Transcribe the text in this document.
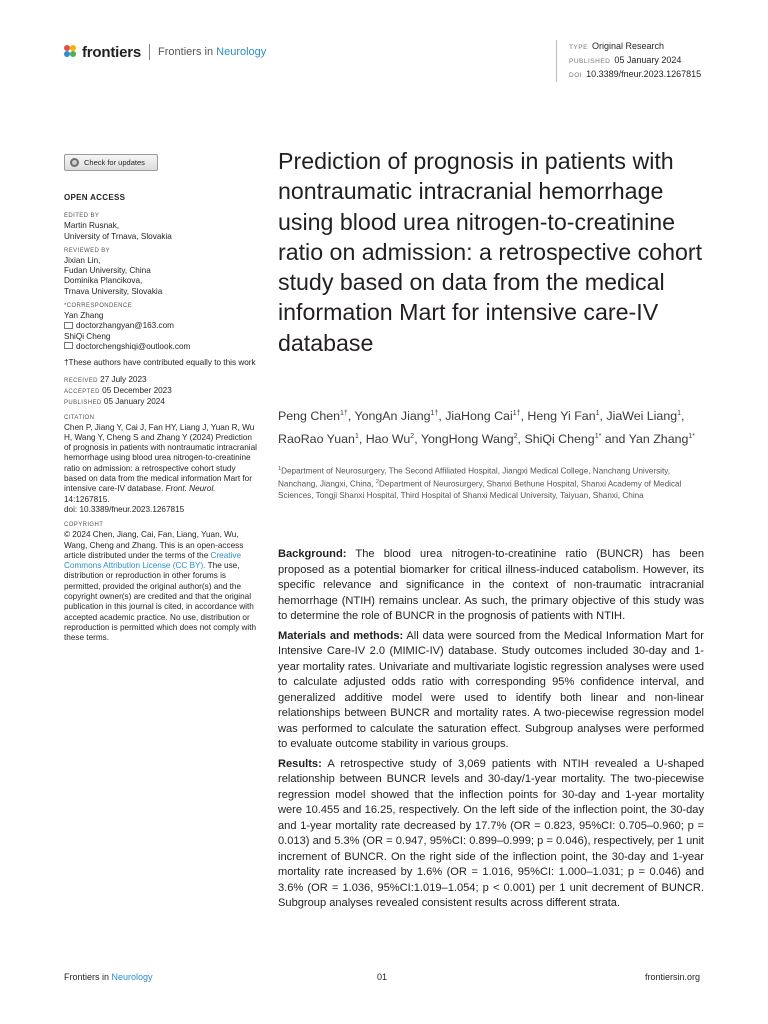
frontiers Frontiers in Neurology	TYPE Original Research
PUBLISHED 05 January 2024
DOI 10.3389/fneur.2023.1267815
Check for updates
OPEN ACCESS
EDITED BY
Martin Rusnak,
University of Trnava, Slovakia
REVIEWED BY
Jixian Lin,
Fudan University, China
Dominika Plancikova,
Trnava University, Slovakia
*CORRESPONDENCE
Yan Zhang
doctorzhangyan@163.com
ShiQi Cheng
doctorchengshiqi@outlook.com
†These authors have contributed equally to this work
RECEIVED 27 July 2023
ACCEPTED 05 December 2023
PUBLISHED 05 January 2024
CITATION
Chen P, Jiang Y, Cai J, Fan HY, Liang J, Yuan R, Wu H, Wang Y, Cheng S and Zhang Y (2024) Prediction of prognosis in patients with nontraumatic intracranial hemorrhage using blood urea nitrogen-to-creatinine ratio on admission: a retrospective cohort study based on data from the medical information Mart for intensive care-IV database. Front. Neurol. 14:1267815.
doi: 10.3389/fneur.2023.1267815
COPYRIGHT
© 2024 Chen, Jiang, Cai, Fan, Liang, Yuan, Wu, Wang, Cheng and Zhang. This is an open-access article distributed under the terms of the Creative Commons Attribution License (CC BY). The use, distribution or reproduction in other forums is permitted, provided the original author(s) and the copyright owner(s) are credited and that the original publication in this journal is cited, in accordance with accepted academic practice. No use, distribution or reproduction is permitted which does not comply with these terms.
Prediction of prognosis in patients with nontraumatic intracranial hemorrhage using blood urea nitrogen-to-creatinine ratio on admission: a retrospective cohort study based on data from the medical information Mart for intensive care-IV database
Peng Chen$^{1\dagger}$, YongAn Jiang$^{1\dagger}$, JiaHong Cai$^{1\dagger}$, Heng Yi Fan$^1$, JiaWei Liang$^1$, RaoRao Yuan$^1$, Hao Wu$^2$, YongHong Wang$^2$, ShiQi Cheng$^{1*}$ and Yan Zhang$^{1*}$
$^1$Department of Neurosurgery, The Second Affiliated Hospital, Jiangxi Medical College, Nanchang University, Nanchang, Jiangxi, China, $^2$Department of Neurosurgery, Shanxi Bethune Hospital, Shanxi Academy of Medical Sciences, Tongji Shanxi Hospital, Third Hospital of Shanxi Medical University, Taiyuan, Shanxi, China

Background: The blood urea nitrogen-to-creatinine ratio (BUNCR) has been proposed as a potential biomarker for critical illness-induced catabolism. However, its specific relevance and significance in the context of non-traumatic intracranial hemorrhage (NTIH) remains unclear. As such, the primary objective of this study was to determine the role of BUNCR in the prognosis of patients with NTIH.

Materials and methods: All data were sourced from the Medical Information Mart for Intensive Care-IV 2.0 (MIMIC-IV) database. Study outcomes included 30-day and 1-year mortality rates. Univariate and multivariate logistic regression analyses were used to calculate adjusted odds ratio with corresponding 95% confidence interval, and generalized additive model were used to identify both linear and non-linear relationships between BUNCR and mortality rates. A two-piecewise regression model was performed to calculate the saturation effect. Subgroup analyses were performed to evaluate outcome stability in various groups.

Results: A retrospective study of 3,069 patients with NTIH revealed a U-shaped relationship between BUNCR levels and 30-day/1-year mortality. The two-piecewise regression model showed that the inflection points for 30-day and 1-year mortality were 10.455 and 16.25, respectively. On the left side of the inflection point, the 30-day and 1-year mortality rate decreased by 17.7% (OR = 0.823, 95%CI: 0.705–0.960; p = 0.013) and 5.3% (OR = 0.947, 95%CI: 0.899–0.999; p = 0.046), respectively, per 1 unit increment of BUNCR. On the right side of the inflection point, the 30-day and 1-year mortality rate increased by 1.6% (OR = 1.016, 95%CI: 1.000–1.031; p = 0.046) and 3.6% (OR = 1.036, 95%CI:1.019–1.054; p < 0.001) per 1 unit decrement of BUNCR. Subgroup analyses revealed consistent results across different strata.

Frontiers in Neurology	01	frontiersin.org
